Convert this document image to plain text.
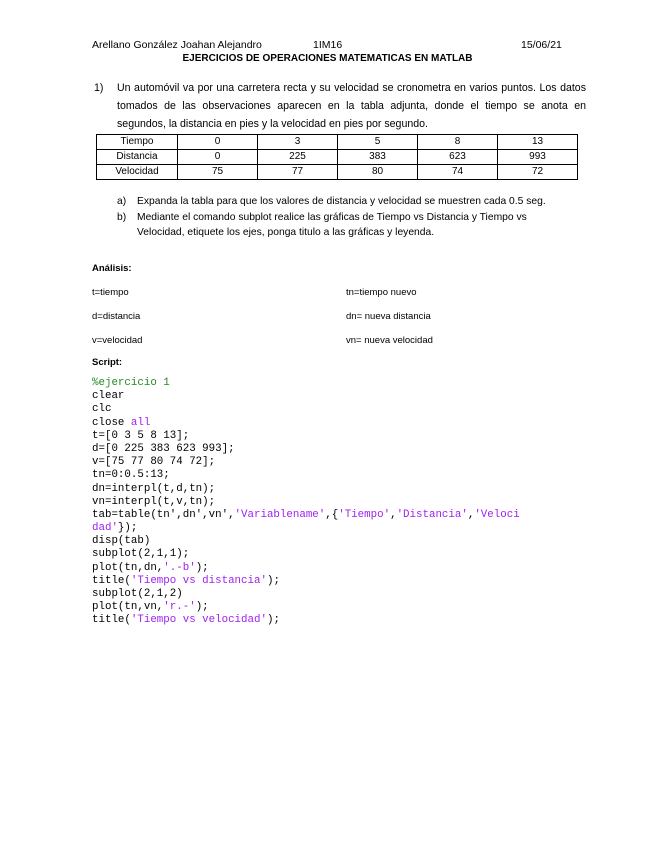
Arellano González Joahan Alejandro	1IM16	15/06/21
EJERCICIOS DE OPERACIONES MATEMATICAS EN MATLAB
1) Un automóvil va por una carretera recta y su velocidad se cronometra en varios puntos. Los datos tomados de las observaciones aparecen en la tabla adjunta, donde el tiempo se anota en segundos, la distancia en pies y la velocidad en pies por segundo.
Tiempo	0	3	5	8	13
Distancia	0	225	383	623	993
Velocidad	75	77	80	74	72
a) Expanda la tabla para que los valores de distancia y velocidad se muestren cada 0.5 seg.
b) Mediante el comando subplot realice las gráficas de Tiempo vs Distancia y Tiempo vs Velocidad, etiquete los ejes, ponga titulo a las gráficas y leyenda.
Análisis:
t=tiempo	tn=tiempo nuevo
d=distancia	dn= nueva distancia
v=velocidad	vn= nueva velocidad
Script:
%ejercicio 1
clear
clc
close all
t=[0 3 5 8 13];
d=[0 225 383 623 993];
v=[75 77 80 74 72];
tn=0:0.5:13;
dn=interpl(t,d,tn);
vn=interpl(t,v,tn);
tab=table(tn',dn',vn','Variablename',{'Tiempo','Distancia','Veloci
dad'});
disp(tab)
subplot(2,1,1);
plot(tn,dn,'.-b');
title('Tiempo vs distancia');
subplot(2,1,2)
plot(tn,vn,'r.-');
title('Tiempo vs velocidad');
